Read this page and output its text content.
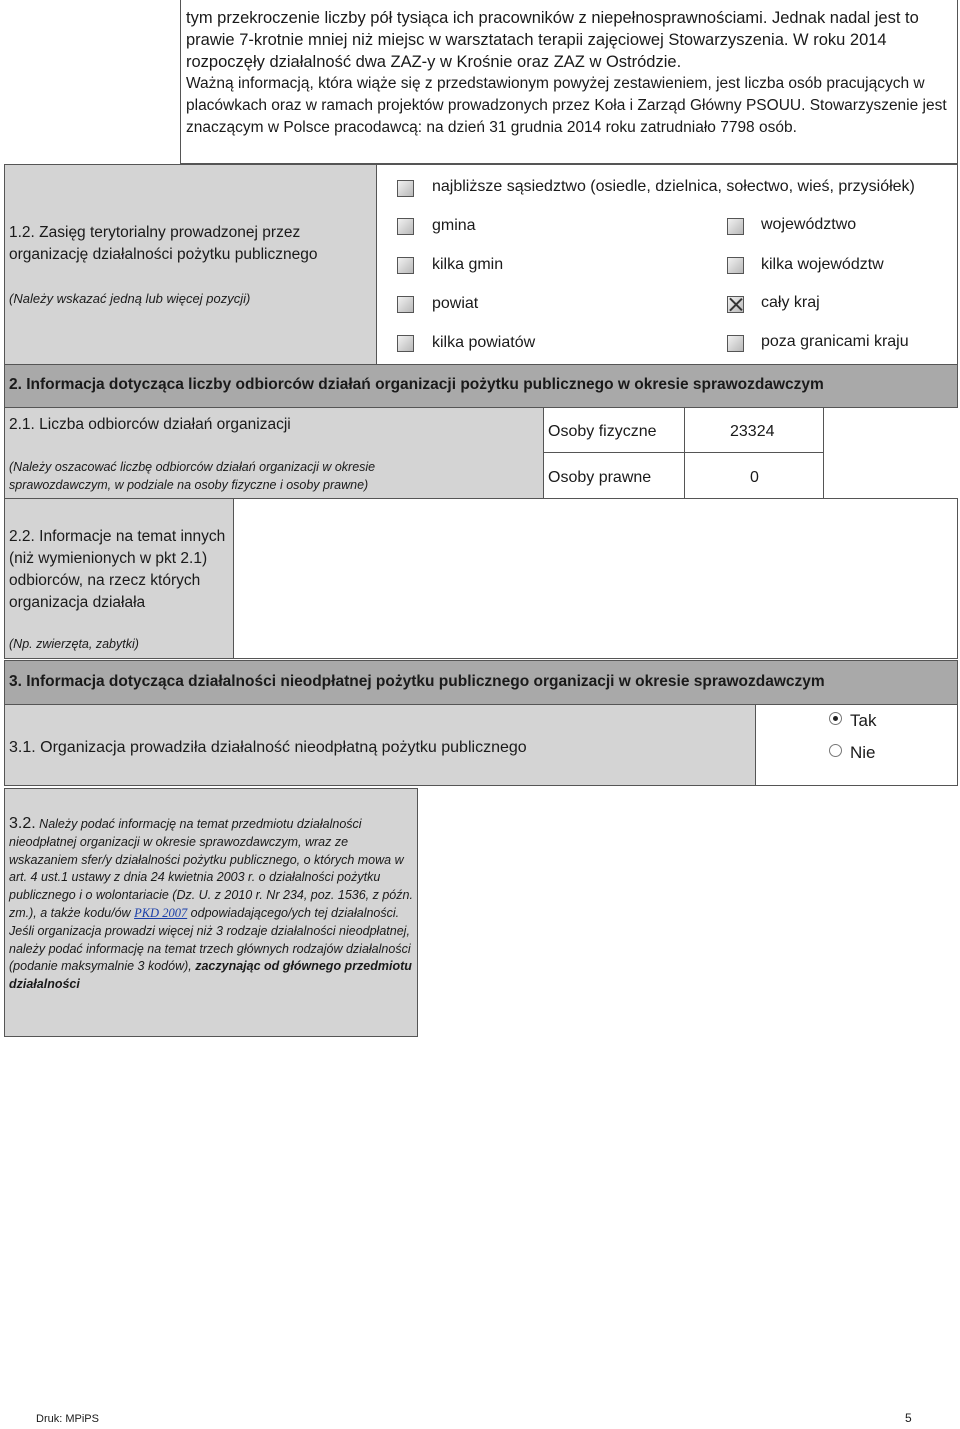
tym przekroczenie liczby pół tysiąca ich pracowników z niepełnosprawnościami. Jednak nadal jest to
prawie 7-krotnie mniej niż miejsc w warsztatach terapii zajęciowej Stowarzyszenia. W roku 2014
rozpoczęły działalność dwa ZAZ-y w Krośnie oraz ZAZ w Ostródzie.
Ważną informacją, która wiąże się z przedstawionym powyżej zestawieniem, jest liczba osób pracujących w placówkach oraz w ramach projektów prowadzonych przez Koła i Zarząd Główny PSOUU. Stowarzyszenie jest znaczącym w Polsce pracodawcą: na dzień 31 grudnia 2014 roku zatrudniało 7798 osób.
1.2. Zasięg terytorialny prowadzonej przez organizację działalności pożytku publicznego
(Należy wskazać jedną lub więcej pozycji)
najbliższe sąsiedztwo (osiedle, dzielnica, sołectwo, wieś, przysiółek)
gmina
kilka gmin
powiat
kilka powiatów
województwo
kilka województw
cały kraj
poza granicami kraju
2. Informacja dotycząca liczby odbiorców działań organizacji pożytku publicznego w okresie sprawozdawczym
2.1. Liczba odbiorców działań organizacji
(Należy oszacować liczbę odbiorców działań organizacji w okresie sprawozdawczym, w podziale na osoby fizyczne i osoby prawne)
Osoby fizyczne	23324
Osoby prawne	0
2.2. Informacje na temat innych (niż wymienionych w pkt 2.1) odbiorców, na rzecz których organizacja działała
(Np. zwierzęta, zabytki)
3. Informacja dotycząca działalności nieodpłatnej pożytku publicznego organizacji w okresie sprawozdawczym
3.1. Organizacja prowadziła działalność nieodpłatną pożytku publicznego
Tak
Nie
3.2. Należy podać informację na temat przedmiotu działalności nieodpłatnej organizacji w okresie sprawozdawczym, wraz ze wskazaniem sfer/y działalności pożytku publicznego, o których mowa w art. 4 ust.1 ustawy z dnia 24 kwietnia 2003 r. o działalności pożytku publicznego i o wolontariacie (Dz. U. z 2010 r. Nr 234, poz. 1536, z późn. zm.), a także kodu/ów PKD 2007 odpowiadającego/ych tej działalności. Jeśli organizacja prowadzi więcej niż 3 rodzaje działalności nieodpłatnej, należy podać informację na temat trzech głównych rodzajów działalności (podanie maksymalnie 3 kodów), zaczynając od głównego przedmiotu działalności
Druk: MPiPS	5
